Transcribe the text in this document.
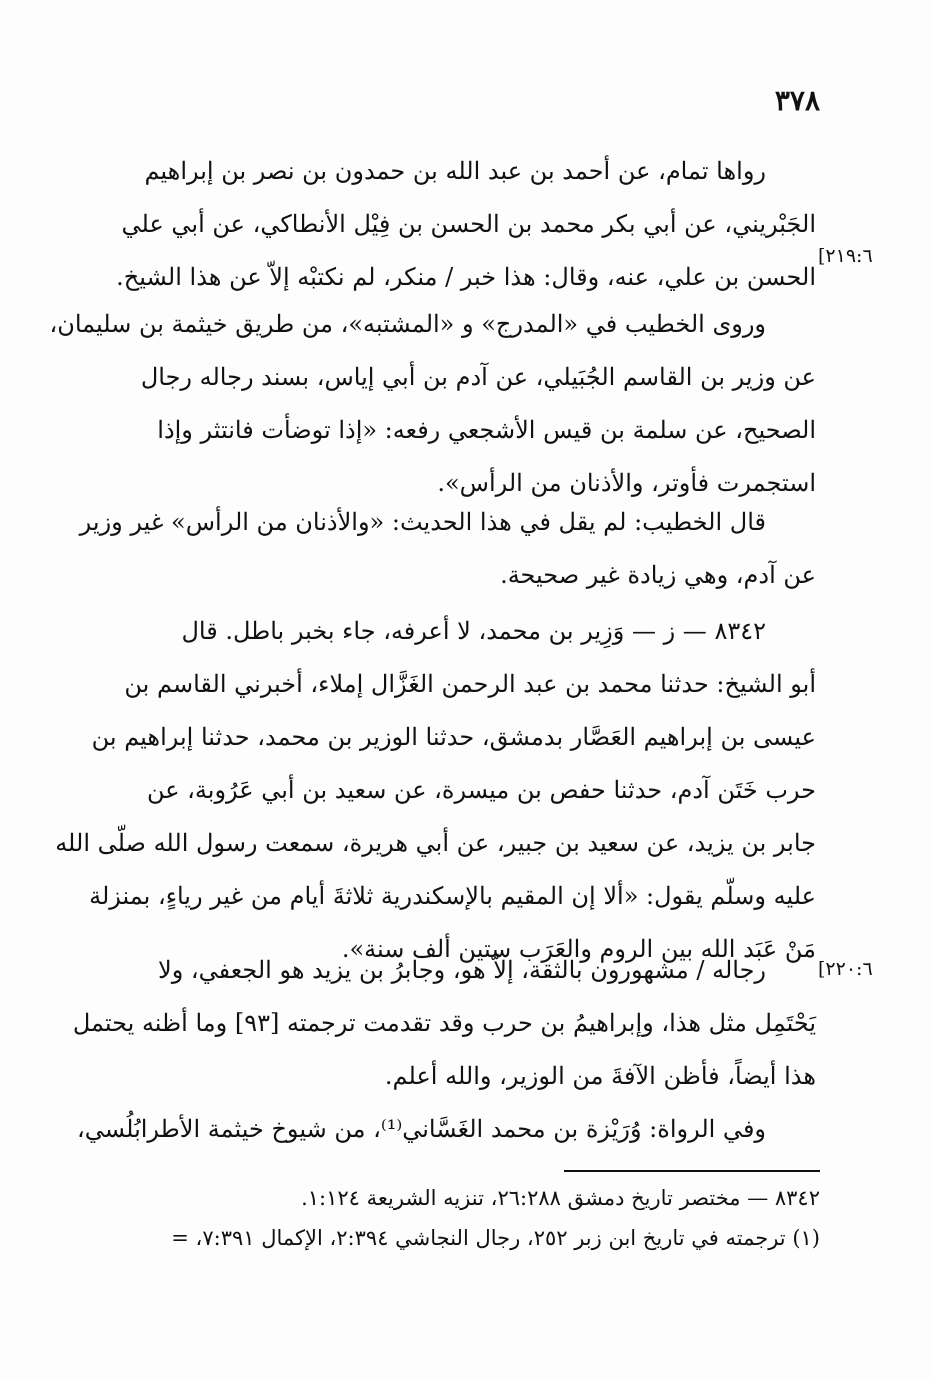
٣٧٨
رواها تمام، عن أحمد بن عبد الله بن حمدون بن نصر بن إبراهيم
الجَبْريني، عن أبي بكر محمد بن الحسن بن فِيْل الأنطاكي، عن أبي علي
الحسن بن علي، عنه، وقال: هذا خبر / منكر، لم نكتبْه إلاّ عن هذا الشيخ.
[٢١٩:٦
وروى الخطيب في «المدرج» و «المشتبه»، من طريق خيثمة بن سليمان،
عن وزير بن القاسم الجُبَيلي، عن آدم بن أبي إياس، بسند رجاله رجال
الصحيح، عن سلمة بن قيس الأشجعي رفعه: «إذا توضأت فانتثر وإذا
استجمرت فأوتر، والأذنان من الرأس».
قال الخطيب: لم يقل في هذا الحديث: «والأذنان من الرأس» غير وزير
عن آدم، وهي زيادة غير صحيحة.
٨٣٤٢ — ز — وَزِير بن محمد، لا أعرفه، جاء بخبر باطل. قال
أبو الشيخ: حدثنا محمد بن عبد الرحمن الغَزَّال إملاء، أخبرني القاسم بن
عيسى بن إبراهيم العَصَّار بدمشق، حدثنا الوزير بن محمد، حدثنا إبراهيم بن
حرب خَتَن آدم، حدثنا حفص بن ميسرة، عن سعيد بن أبي عَرُوبة، عن
جابر بن يزيد، عن سعيد بن جبير، عن أبي هريرة، سمعت رسول الله صلّى الله
عليه وسلّم يقول: «ألا إن المقيم بالإسكندرية ثلاثةَ أيام من غير رياءٍ، بمنزلة
مَنْ عَبَد الله بين الروم والعَرَب ستين ألف سنة».
رجاله / مشهورون بالثقة، إلاّ هو، وجابرُ بن يزيد هو الجعفي، ولا
يَحْتَمِل مثل هذا، وإبراهيمُ بن حرب وقد تقدمت ترجمته [٩٣] وما أظنه يحتمل
هذا أيضاً، فأظن الآفةَ من الوزير، والله أعلم.
[٢٢٠:٦
وفي الرواة: وُرَيْزة بن محمد الغَسَّاني⁽¹⁾، من شيوخ خيثمة الأطرابُلُسي،
٨٣٤٢ — مختصر تاريخ دمشق ٢٦:٢٨٨، تنزيه الشريعة ١:١٢٤.
(١) ترجمته في تاريخ ابن زبر ٢٥٢، رجال النجاشي ٢:٣٩٤، الإكمال ٧:٣٩١، =
